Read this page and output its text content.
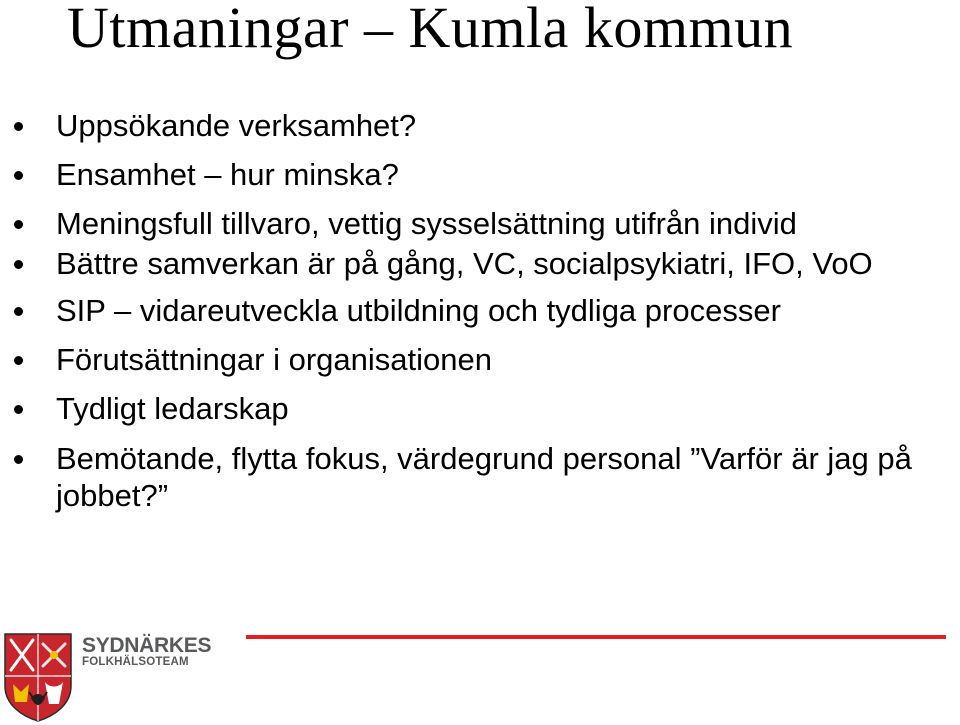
Utmaningar – Kumla kommun
Uppsökande verksamhet?
Ensamhet – hur minska?
Meningsfull tillvaro, vettig sysselsättning utifrån individ
Bättre samverkan är på gång, VC, socialpsykiatri, IFO, VoO
SIP – vidareutveckla utbildning och tydliga processer
Förutsättningar i organisationen
Tydligt ledarskap
Bemötande, flytta fokus, värdegrund personal ”Varför är jag på jobbet?”
SYDNÄRKES
FOLKHÄLSOTEAM
